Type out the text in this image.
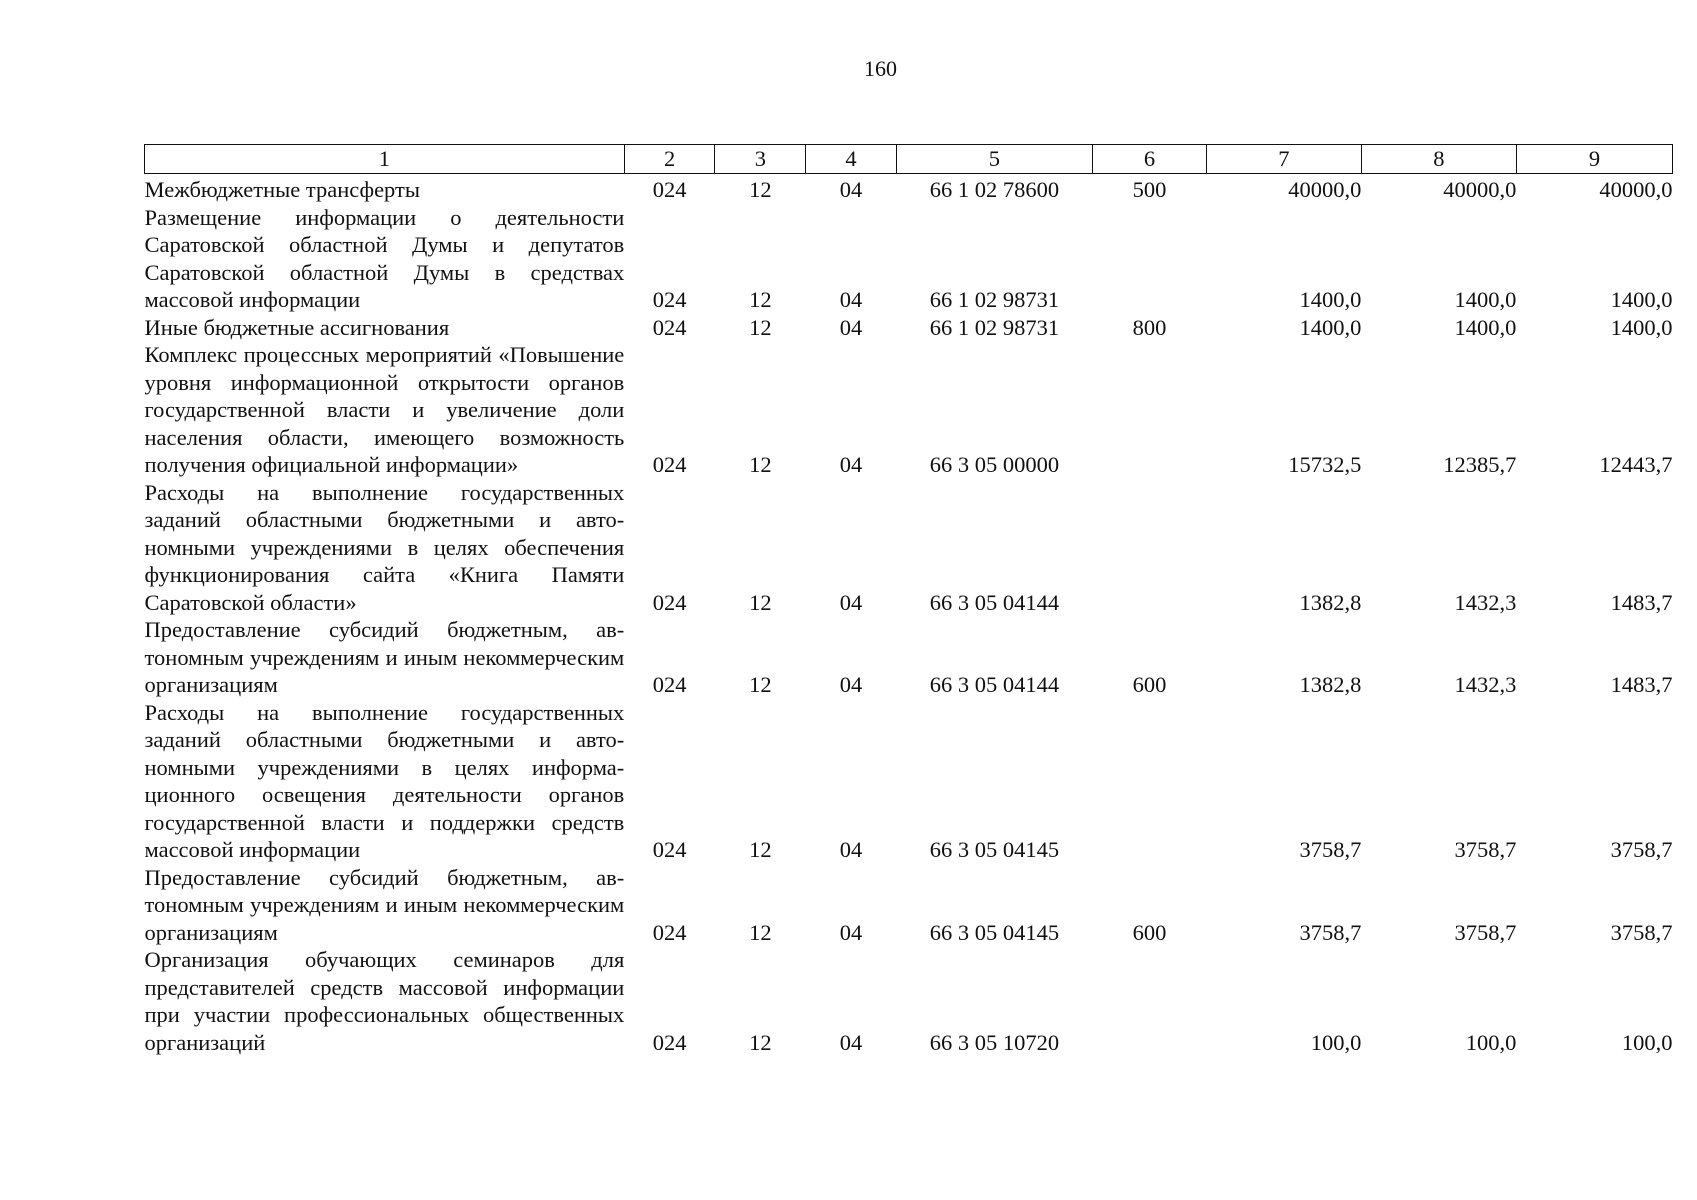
160
1	2	3	4	5	6	7	8	9
Межбюджетные трансферты	024	12	04	66 1 02 78600	500	40000,0	40000,0	40000,0
Размещение информации о деятельности Саратовской областной Думы и депутатов Саратовской областной Думы в средствах массовой информации	024	12	04	66 1 02 98731		1400,0	1400,0	1400,0
Иные бюджетные ассигнования	024	12	04	66 1 02 98731	800	1400,0	1400,0	1400,0
Комплекс процессных мероприятий «Повышение уровня информационной открытости органов государственной власти и увеличение доли населения области, имеющего возможность получения официальной информации»	024	12	04	66 3 05 00000		15732,5	12385,7	12443,7
Расходы на выполнение государственных заданий областными бюджетными и автономными учреждениями в целях обеспечения функционирования сайта «Книга Памяти Саратовской области»	024	12	04	66 3 05 04144		1382,8	1432,3	1483,7
Предоставление субсидий бюджетным, автономным учреждениям и иным некоммерческим организациям	024	12	04	66 3 05 04144	600	1382,8	1432,3	1483,7
Расходы на выполнение государственных заданий областными бюджетными и автономными учреждениями в целях информационного освещения деятельности органов государственной власти и поддержки средств массовой информации	024	12	04	66 3 05 04145		3758,7	3758,7	3758,7
Предоставление субсидий бюджетным, автономным учреждениям и иным некоммерческим организациям	024	12	04	66 3 05 04145	600	3758,7	3758,7	3758,7
Организация обучающих семинаров для представителей средств массовой информации при участии профессиональных общественных организаций	024	12	04	66 3 05 10720		100,0	100,0	100,0
